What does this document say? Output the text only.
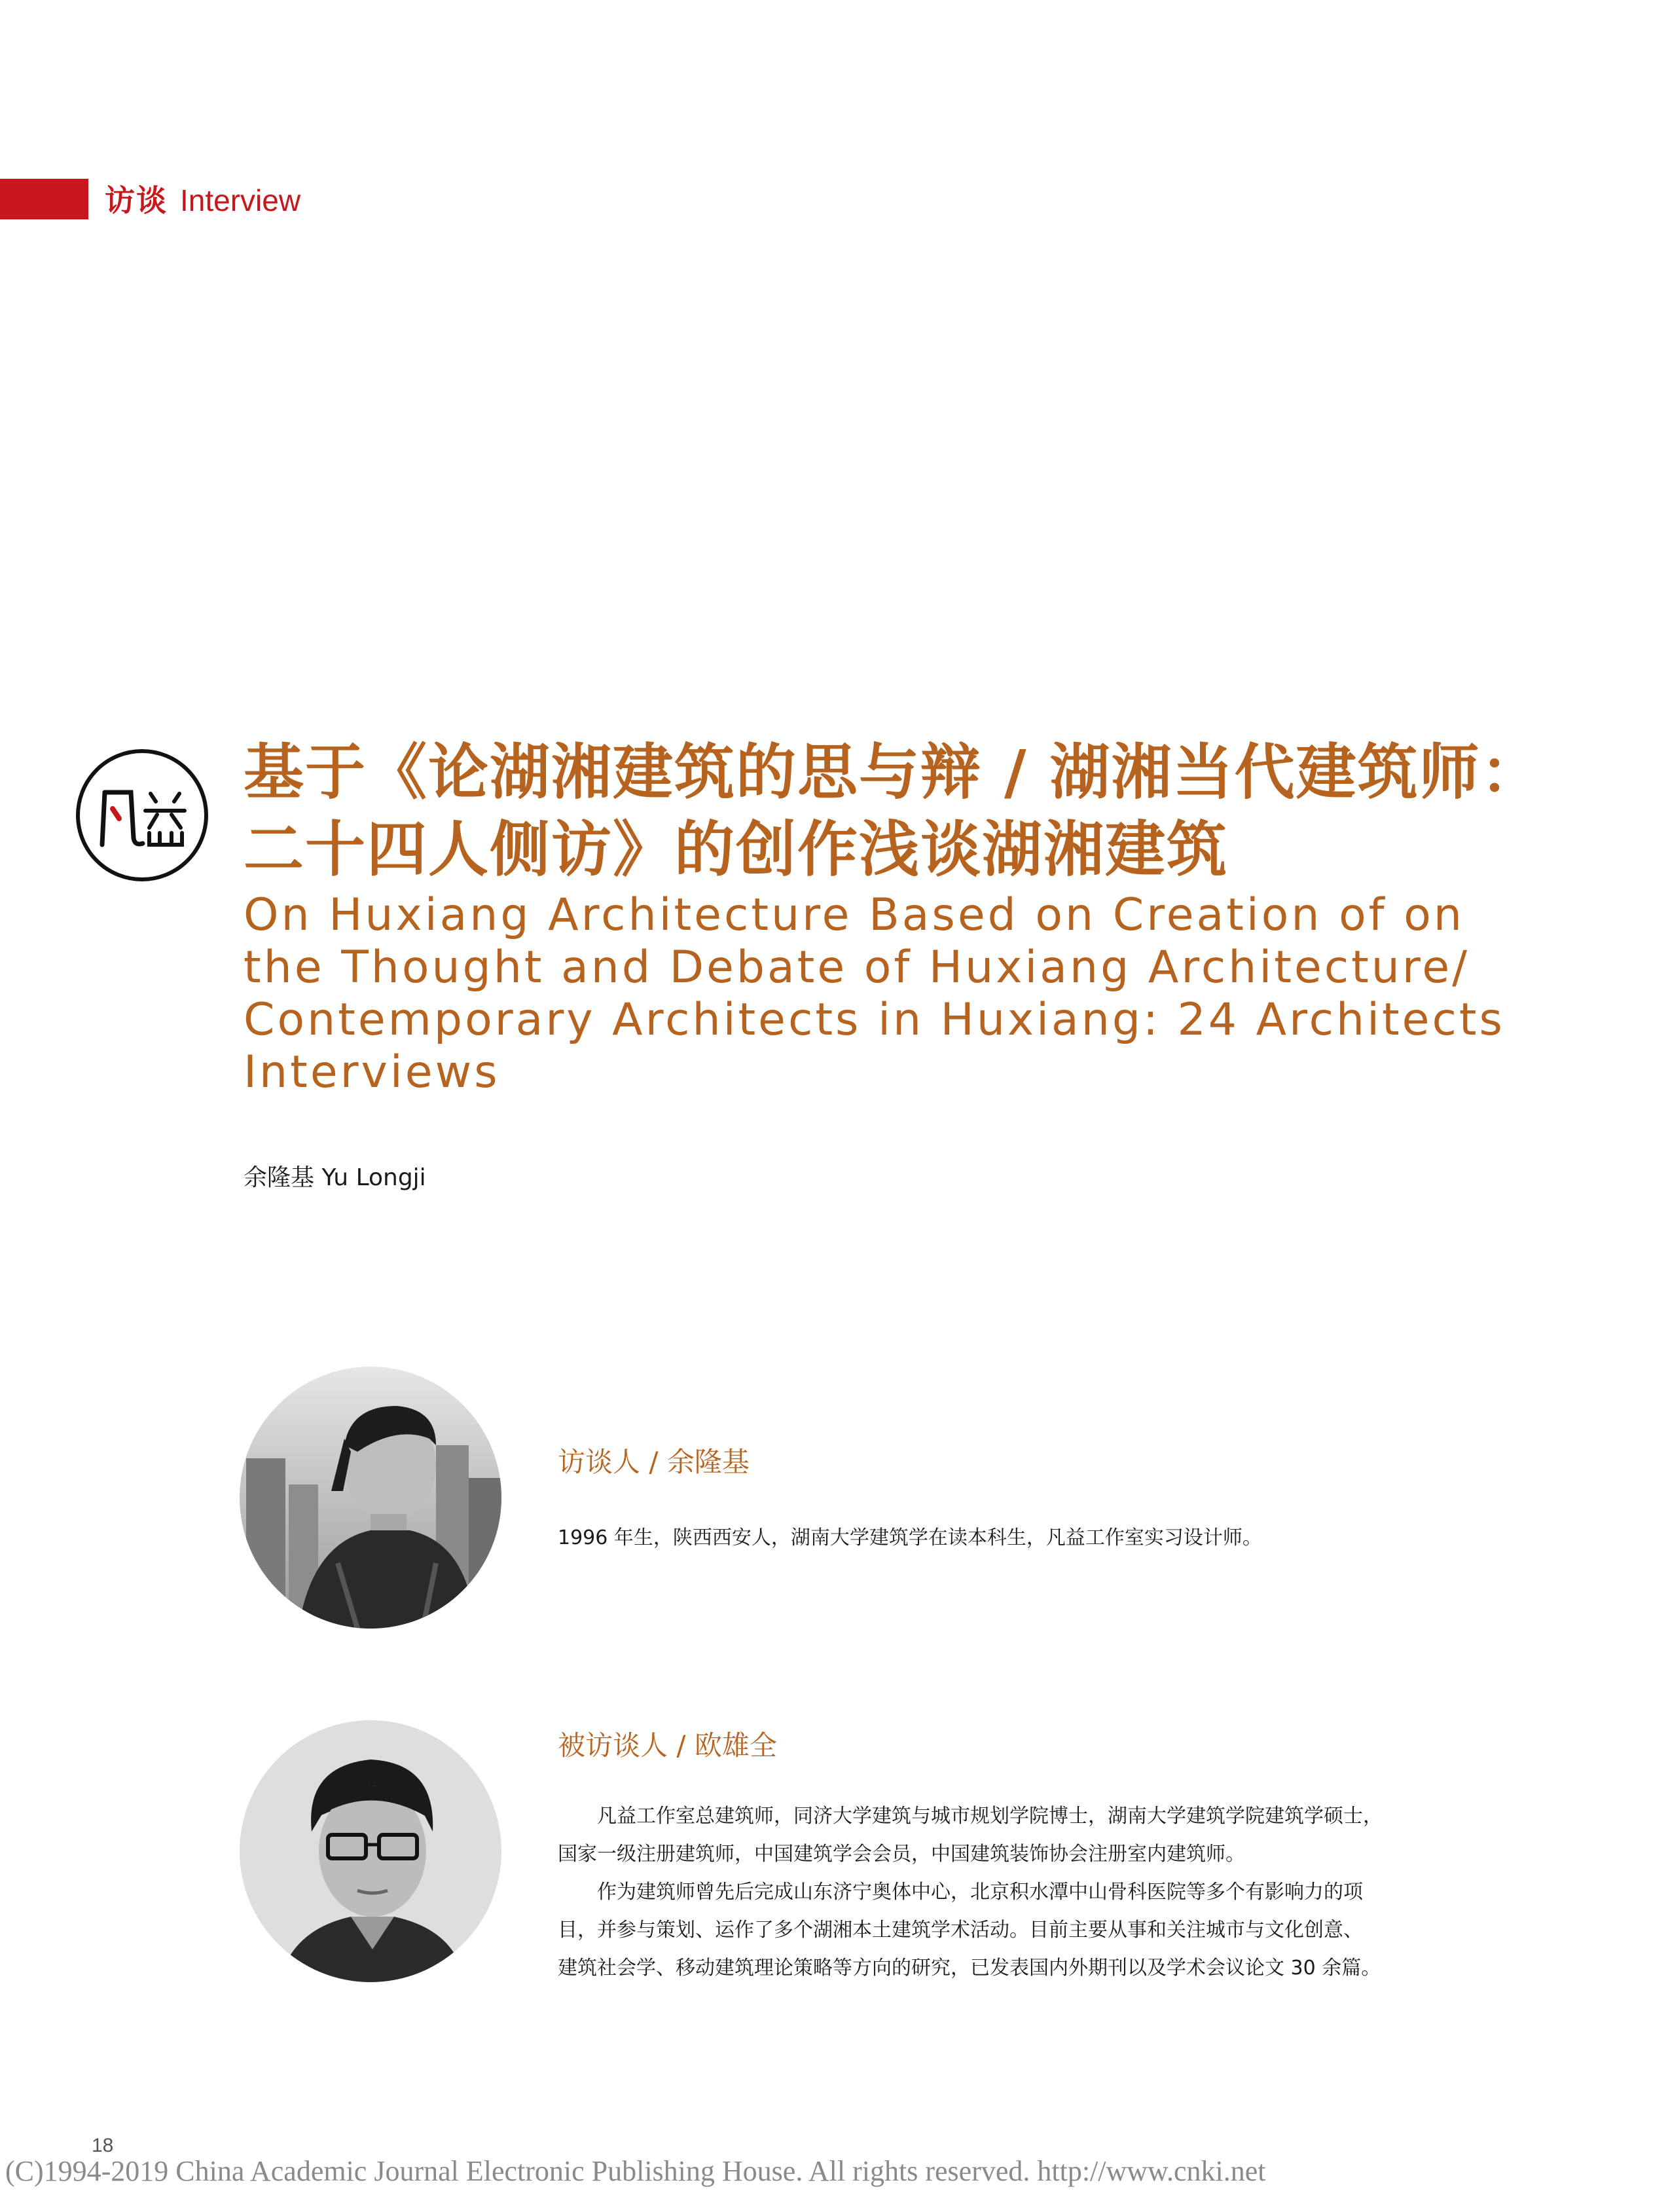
访谈 Interview
基于《论湖湘建筑的思与辩 / 湖湘当代建筑师：
二十四人侧访》的创作浅谈湖湘建筑
On Huxiang Architecture Based on Creation of on
the Thought and Debate of Huxiang Architecture/
Contemporary Architects in Huxiang: 24 Architects
Interviews
余隆基 Yu Longji
访谈人 / 余隆基
1996 年生，陕西西安人，湖南大学建筑学在读本科生，凡益工作室实习设计师。
被访谈人 / 欧雄全

凡益工作室总建筑师，同济大学建筑与城市规划学院博士，湖南大学建筑学院建筑学硕士，

国家一级注册建筑师，中国建筑学会会员，中国建筑装饰协会注册室内建筑师。

作为建筑师曾先后完成山东济宁奥体中心，北京积水潭中山骨科医院等多个有影响力的项

目，并参与策划、运作了多个湖湘本土建筑学术活动。目前主要从事和关注城市与文化创意、

建筑社会学、移动建筑理论策略等方向的研究，已发表国内外期刊以及学术会议论文 30 余篇。

18
(C)1994-2019 China Academic Journal Electronic Publishing House. All rights reserved. http://www.cnki.net
